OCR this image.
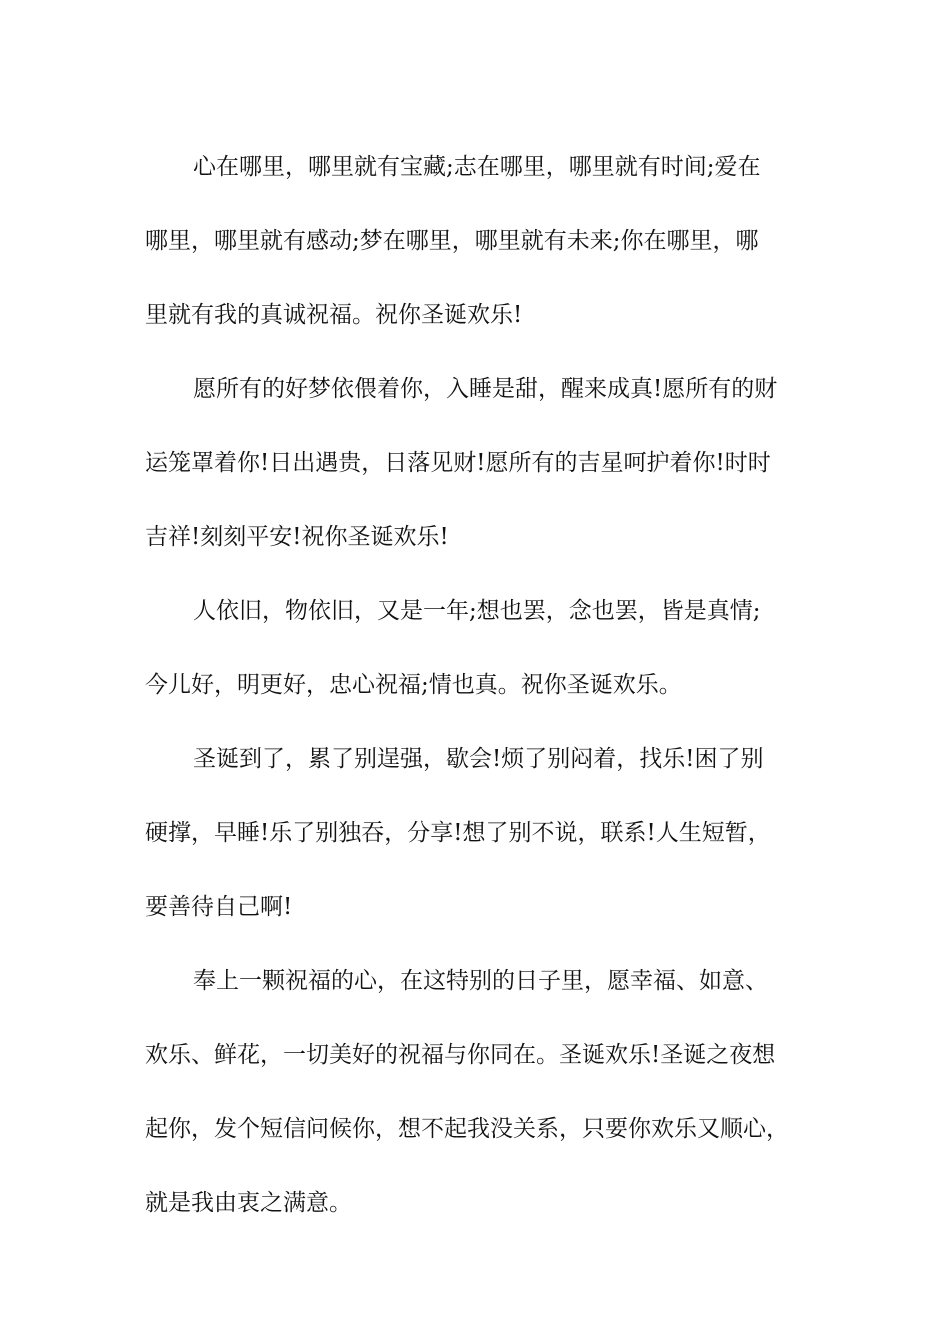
心在哪里，哪里就有宝藏;志在哪里，哪里就有时间;爱在
哪里，哪里就有感动;梦在哪里，哪里就有未来;你在哪里，哪
里就有我的真诚祝福。祝你圣诞欢乐!
愿所有的好梦依偎着你，入睡是甜，醒来成真!愿所有的财
运笼罩着你!日出遇贵，日落见财!愿所有的吉星呵护着你!时时
吉祥!刻刻平安!祝你圣诞欢乐!
人依旧，物依旧，又是一年;想也罢，念也罢，皆是真情;
今儿好，明更好，忠心祝福;情也真。祝你圣诞欢乐。
圣诞到了，累了别逞强，歇会!烦了别闷着，找乐!困了别
硬撑，早睡!乐了别独吞，分享!想了别不说，联系!人生短暂，
要善待自己啊!
奉上一颗祝福的心，在这特别的日子里，愿幸福、如意、
欢乐、鲜花，一切美好的祝福与你同在。圣诞欢乐!圣诞之夜想
起你，发个短信问候你，想不起我没关系，只要你欢乐又顺心，
就是我由衷之满意。
